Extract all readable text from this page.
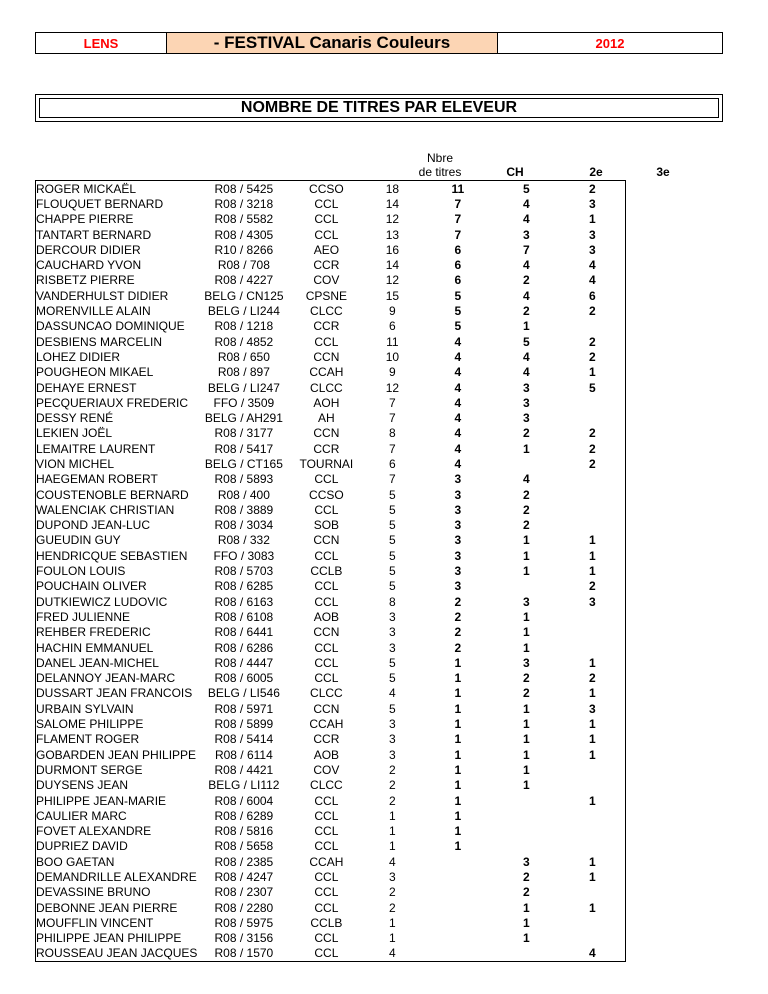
LENS	- FESTIVAL Canaris Couleurs	2012
NOMBRE DE TITRES PAR ELEVEUR
Nbre
de titres	CH	2e	3e
ROGER MICKAËL	R08 / 5425	CCSO	18	11	5	2
FLOUQUET BERNARD	R08 / 3218	CCL	14	7	4	3
CHAPPE PIERRE	R08 / 5582	CCL	12	7	4	1
TANTART BERNARD	R08 / 4305	CCL	13	7	3	3
DERCOUR DIDIER	R10 / 8266	AEO	16	6	7	3
CAUCHARD YVON	R08 / 708	CCR	14	6	4	4
RISBETZ PIERRE	R08 / 4227	COV	12	6	2	4
VANDERHULST DIDIER	BELG / CN125	CPSNE	15	5	4	6
MORENVILLE ALAIN	BELG / LI244	CLCC	9	5	2	2
DASSUNCAO DOMINIQUE	R08 / 1218	CCR	6	5	1	
DESBIENS MARCELIN	R08 / 4852	CCL	11	4	5	2
LOHEZ DIDIER	R08 / 650	CCN	10	4	4	2
POUGHEON MIKAEL	R08 / 897	CCAH	9	4	4	1
DEHAYE ERNEST	BELG / LI247	CLCC	12	4	3	5
PECQUERIAUX FREDERIC	FFO / 3509	AOH	7	4	3	
DESSY RENÉ	BELG / AH291	AH	7	4	3	
LEKIEN JOËL	R08 / 3177	CCN	8	4	2	2
LEMAITRE LAURENT	R08 / 5417	CCR	7	4	1	2
VION MICHEL	BELG / CT165	TOURNAI	6	4		2
HAEGEMAN ROBERT	R08 / 5893	CCL	7	3	4	
COUSTENOBLE BERNARD	R08 / 400	CCSO	5	3	2	
WALENCIAK CHRISTIAN	R08 / 3889	CCL	5	3	2	
DUPOND JEAN-LUC	R08 / 3034	SOB	5	3	2	
GUEUDIN GUY	R08 / 332	CCN	5	3	1	1
HENDRICQUE SEBASTIEN	FFO / 3083	CCL	5	3	1	1
FOULON LOUIS	R08 / 5703	CCLB	5	3	1	1
POUCHAIN OLIVER	R08 / 6285	CCL	5	3		2
DUTKIEWICZ LUDOVIC	R08 / 6163	CCL	8	2	3	3
FRED JULIENNE	R08 / 6108	AOB	3	2	1	
REHBER FREDERIC	R08 / 6441	CCN	3	2	1	
HACHIN EMMANUEL	R08 / 6286	CCL	3	2	1	
DANEL JEAN-MICHEL	R08 / 4447	CCL	5	1	3	1
DELANNOY JEAN-MARC	R08 / 6005	CCL	5	1	2	2
DUSSART JEAN FRANCOIS	BELG / LI546	CLCC	4	1	2	1
URBAIN SYLVAIN	R08 / 5971	CCN	5	1	1	3
SALOME PHILIPPE	R08 / 5899	CCAH	3	1	1	1
FLAMENT ROGER	R08 / 5414	CCR	3	1	1	1
GOBARDEN JEAN PHILIPPE	R08 / 6114	AOB	3	1	1	1
DURMONT SERGE	R08 / 4421	COV	2	1	1	
DUYSENS JEAN	BELG / LI112	CLCC	2	1	1	
PHILIPPE JEAN-MARIE	R08 / 6004	CCL	2	1		1
CAULIER MARC	R08 / 6289	CCL	1	1		
FOVET ALEXANDRE	R08 / 5816	CCL	1	1		
DUPRIEZ DAVID	R08 / 5658	CCL	1	1		
BOO GAETAN	R08 / 2385	CCAH	4		3	1
DEMANDRILLE ALEXANDRE	R08 / 4247	CCL	3		2	1
DEVASSINE BRUNO	R08 / 2307	CCL	2		2	
DEBONNE JEAN PIERRE	R08 / 2280	CCL	2		1	1
MOUFFLIN VINCENT	R08 / 5975	CCLB	1		1	
PHILIPPE JEAN PHILIPPE	R08 / 3156	CCL	1		1	
ROUSSEAU JEAN JACQUES	R08 / 1570	CCL	4			4
